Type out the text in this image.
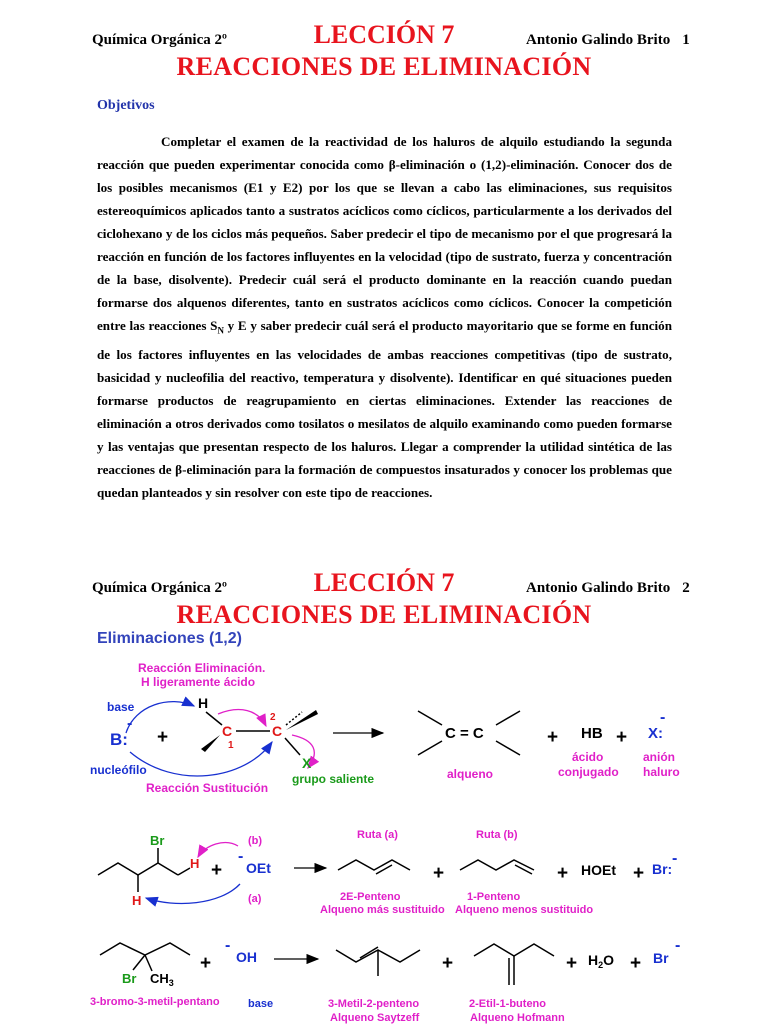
Química Orgánica 2º	LECCIÓN 7	Antonio Galindo Brito 1
REACCIONES DE ELIMINACIÓN
Objetivos

Completar el examen de la reactividad de los haluros de alquilo estudiando la segunda reacción que pueden experimentar conocida como β-eliminación o (1,2)-eliminación. Conocer dos de los posibles mecanismos (E1 y E2) por los que se llevan a cabo las eliminaciones, sus requisitos estereoquímicos aplicados tanto a sustratos acíclicos como cíclicos, particularmente a los derivados del ciclohexano y de los ciclos más pequeños. Saber predecir el tipo de mecanismo por el que progresará la reacción en función de los factores influyentes en la velocidad (tipo de sustrato, fuerza y concentración de la base, disolvente). Predecir cuál será el producto dominante en la reacción cuando puedan formarse dos alquenos diferentes, tanto en sustratos acíclicos como cíclicos. Conocer la competición entre las reacciones $S_N$ y E y saber predecir cuál será el producto mayoritario que se forme en función de los factores influyentes en las velocidades de ambas reacciones competitivas (tipo de sustrato, basicidad y nucleofilia del reactivo, temperatura y disolvente). Identificar en qué situaciones pueden formarse productos de reagrupamiento en ciertas eliminaciones. Extender las reacciones de eliminación a otros derivados como tosilatos o mesilatos de alquilo examinando como pueden formarse y las ventajas que presentan respecto de los haluros. Llegar a comprender la utilidad sintética de las reacciones de β-eliminación para la formación de compuestos insaturados y conocer los problemas que quedan planteados y sin resolver con este tipo de reacciones.

Química Orgánica 2º	LECCIÓN 7	Antonio Galindo Brito 2
REACCIONES DE ELIMINACIÓN
Eliminaciones (1,2)
Reacción Eliminación.
H ligeramente ácido
base
-
B: +
nucleófilo
Reacción Sustitución
H
C
1
2
C
X
grupo saliente
C = C
alqueno
+ HB
ácido
conjugado
+
-
X:
anión
haluro
Br
H
H
(b)
(a)
+
-
OEt
Ruta (a)
2E-Penteno
Alqueno más sustituido
+
Ruta (b)
1-Penteno
Alqueno menos sustituido
+ HOEt +
-
Br:
Br $CH_3$
3-bromo-3-metil-pentano
+
-
OH
base	3-Metil-2-penteno
Alqueno Saytzeff
+
2-Etil-1-buteno
Alqueno Hofmann
+ $H_2O$ +
-
Br
